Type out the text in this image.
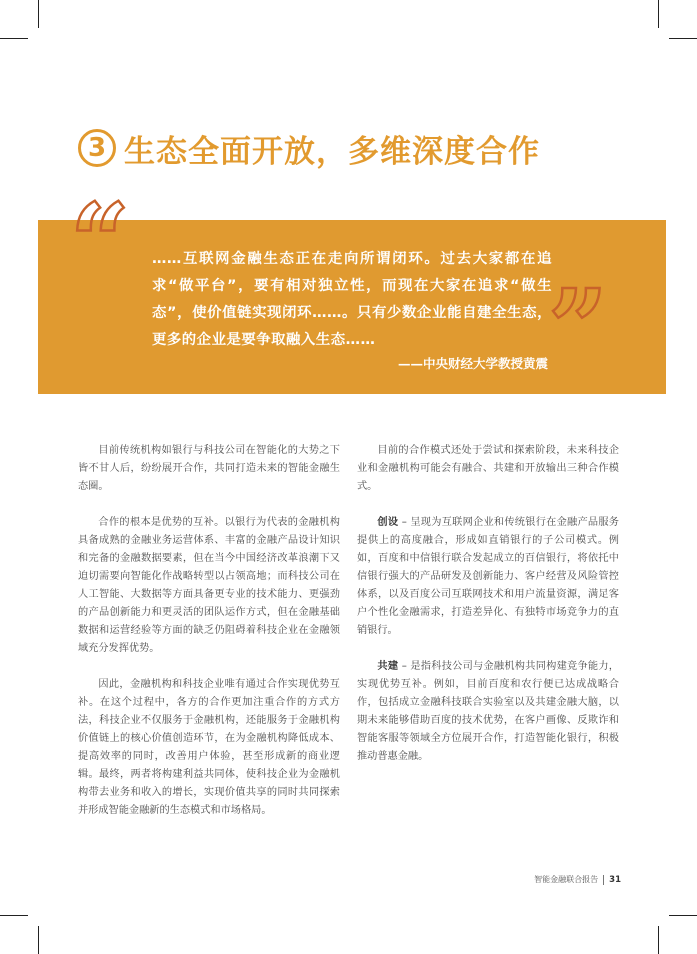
3 生态全面开放，多维深度合作
“
”
……互联网金融生态正在走向所谓闭环。过去大家都在追求“做平台”，要有相对独立性，而现在大家在追求“做生态”，使价值链实现闭环……。只有少数企业能自建全生态，更多的企业是要争取融入生态……
——中央财经大学教授黄震

目前传统机构如银行与科技公司在智能化的大势之下皆不甘人后，纷纷展开合作，共同打造未来的智能金融生态圈。

合作的根本是优势的互补。以银行为代表的金融机构具备成熟的金融业务运营体系、丰富的金融产品设计知识和完备的金融数据要素，但在当今中国经济改革浪潮下又迫切需要向智能化作战略转型以占领高地；而科技公司在人工智能、大数据等方面具备更专业的技术能力、更强劲的产品创新能力和更灵活的团队运作方式，但在金融基础数据和运营经验等方面的缺乏仍阻碍着科技企业在金融领域充分发挥优势。

因此，金融机构和科技企业唯有通过合作实现优势互补。在这个过程中，各方的合作更加注重合作的方式方法，科技企业不仅服务于金融机构，还能服务于金融机构价值链上的核心价值创造环节，在为金融机构降低成本、提高效率的同时，改善用户体验，甚至形成新的商业逻辑。最终，两者将构建利益共同体，使科技企业为金融机构带去业务和收入的增长，实现价值共享的同时共同探索并形成智能金融新的生态模式和市场格局。

目前的合作模式还处于尝试和探索阶段，未来科技企业和金融机构可能会有融合、共建和开放输出三种合作模式。

创设 – 呈现为互联网企业和传统银行在金融产品服务提供上的高度融合，形成如直销银行的子公司模式。例如，百度和中信银行联合发起成立的百信银行，将依托中信银行强大的产品研发及创新能力、客户经营及风险管控体系，以及百度公司互联网技术和用户流量资源，满足客户个性化金融需求，打造差异化、有独特市场竞争力的直销银行。

共建 – 是指科技公司与金融机构共同构建竞争能力，实现优势互补。例如，目前百度和农行便已达成战略合作，包括成立金融科技联合实验室以及共建金融大脑，以期未来能够借助百度的技术优势，在客户画像、反欺诈和智能客服等领域全方位展开合作，打造智能化银行，积极推动普惠金融。

智能金融联合报告 31
